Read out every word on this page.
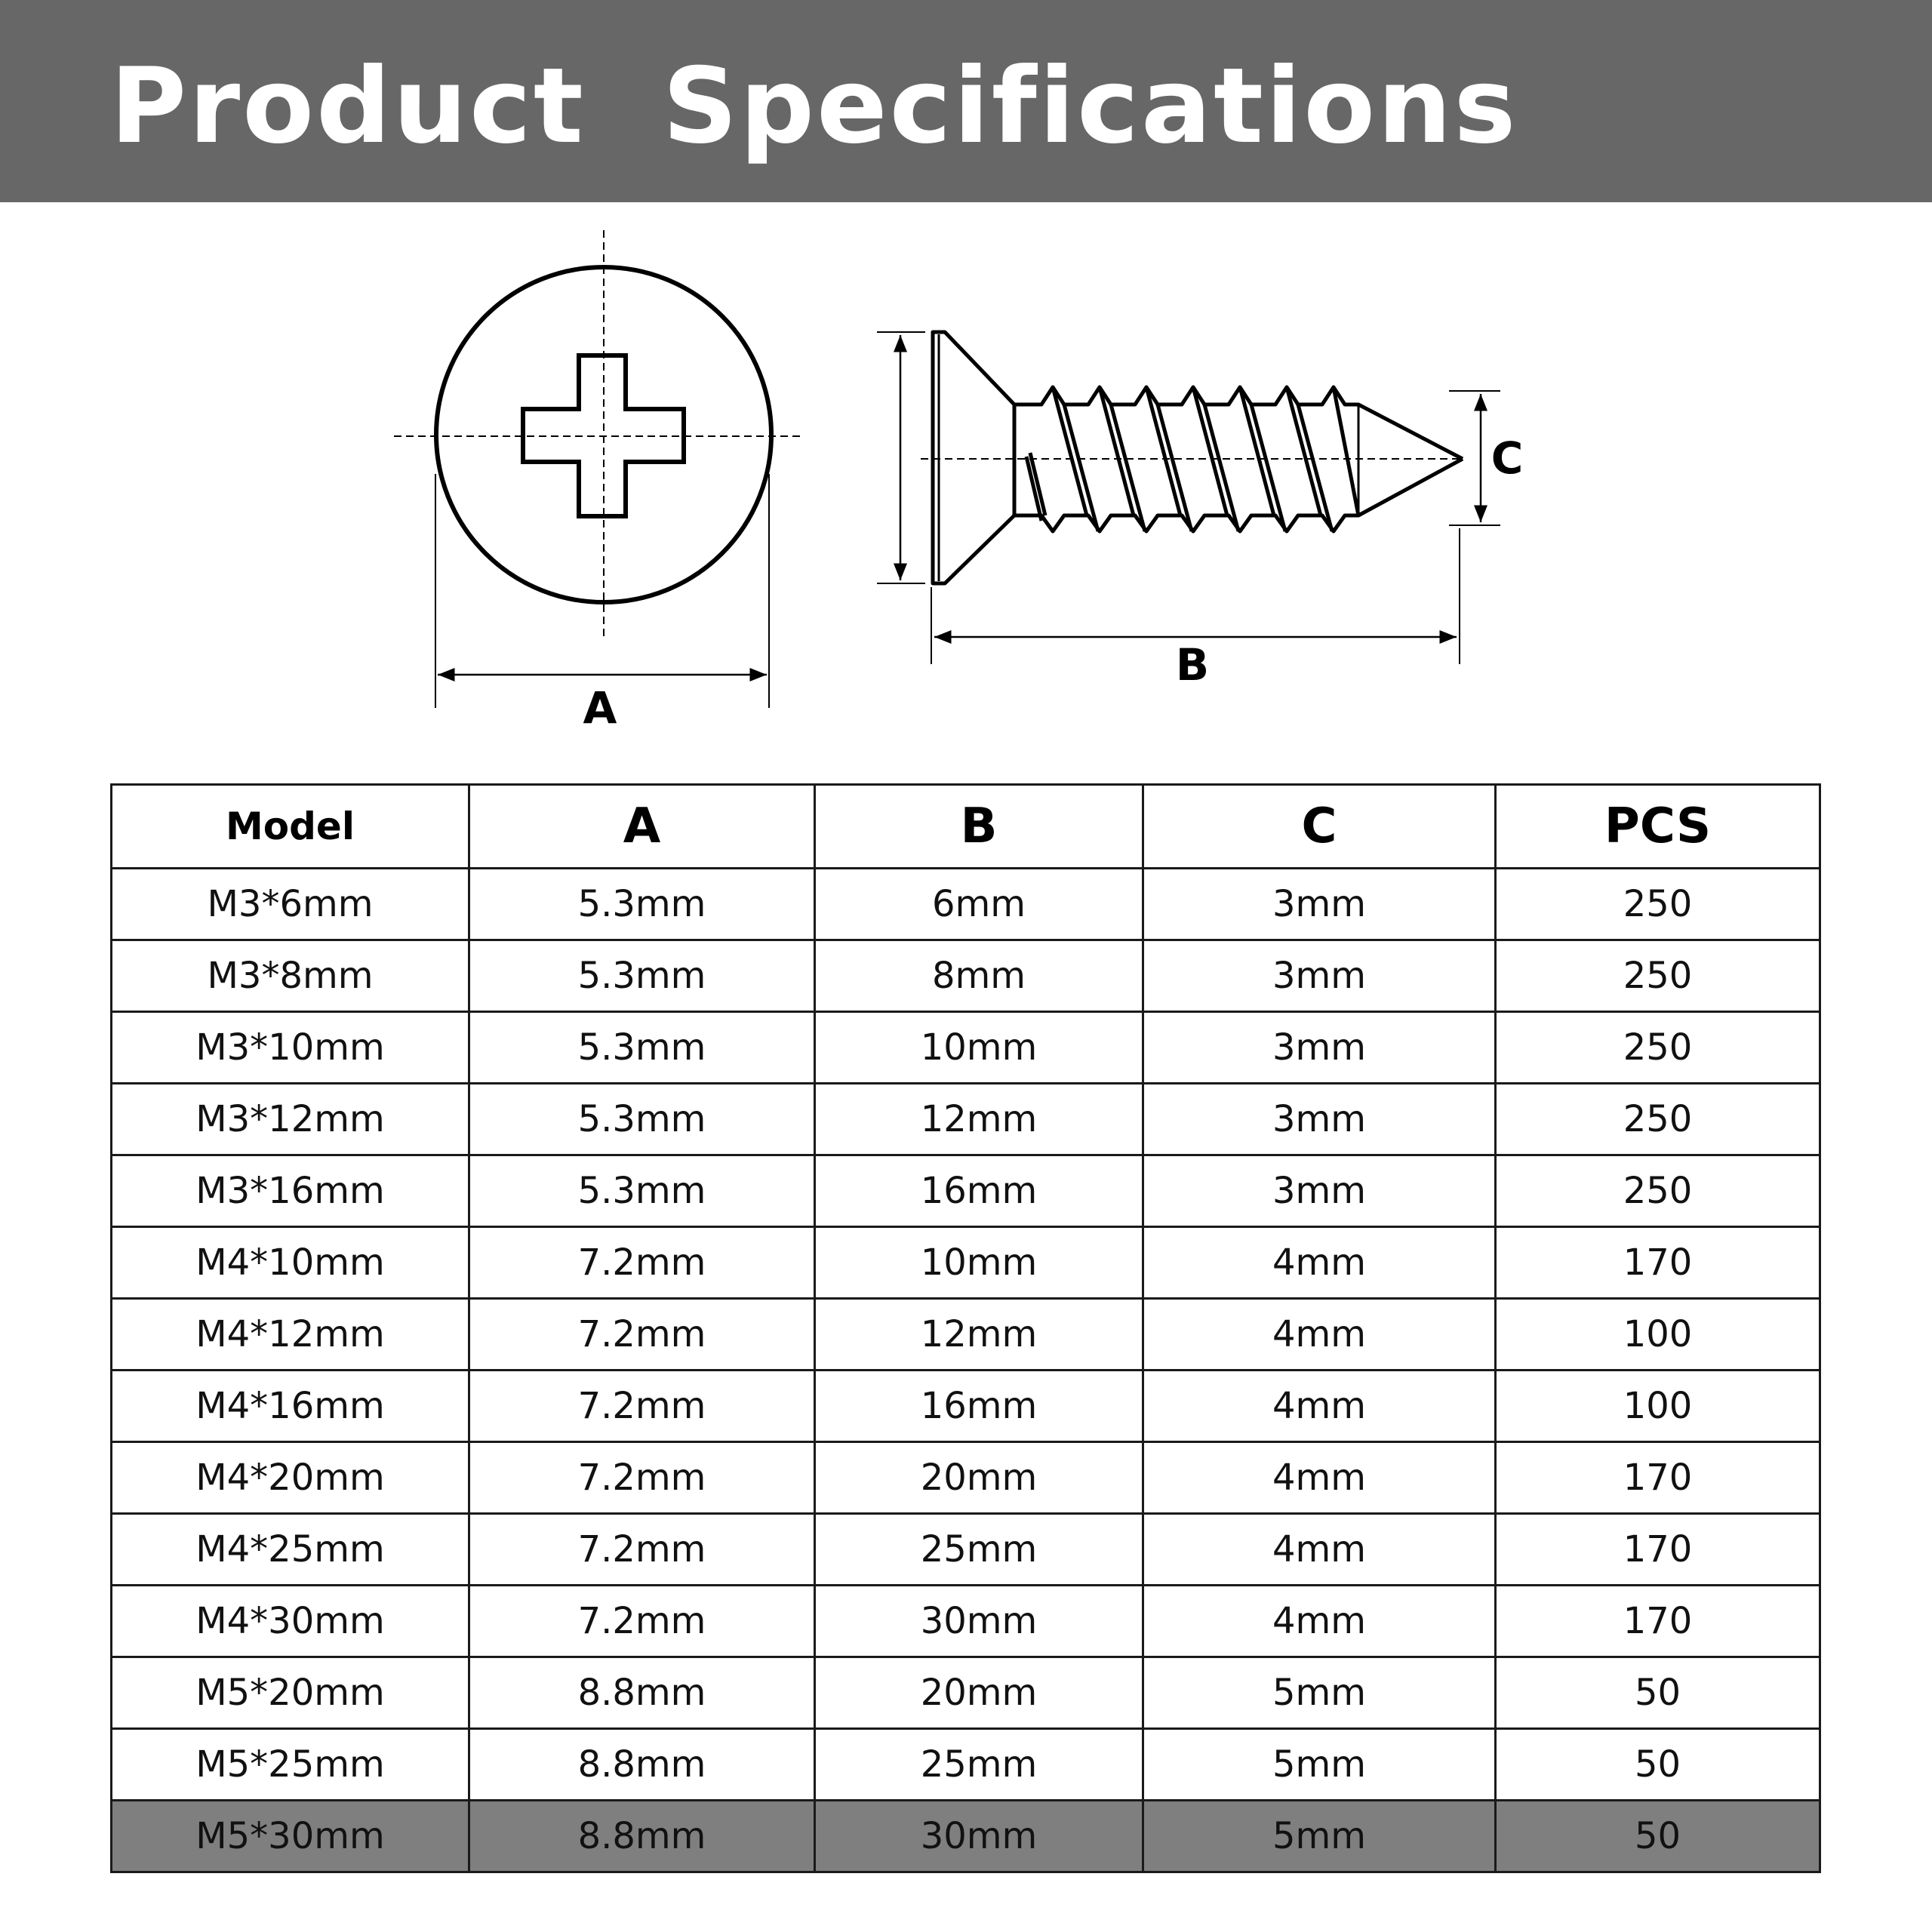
Product  Specifications
A
B
C
Model	A	B	C	PCS
M3*6mm	5.3mm	6mm	3mm	250
M3*8mm	5.3mm	8mm	3mm	250
M3*10mm	5.3mm	10mm	3mm	250
M3*12mm	5.3mm	12mm	3mm	250
M3*16mm	5.3mm	16mm	3mm	250
M4*10mm	7.2mm	10mm	4mm	170
M4*12mm	7.2mm	12mm	4mm	100
M4*16mm	7.2mm	16mm	4mm	100
M4*20mm	7.2mm	20mm	4mm	170
M4*25mm	7.2mm	25mm	4mm	170
M4*30mm	7.2mm	30mm	4mm	170
M5*20mm	8.8mm	20mm	5mm	50
M5*25mm	8.8mm	25mm	5mm	50
M5*30mm	8.8mm	30mm	5mm	50
